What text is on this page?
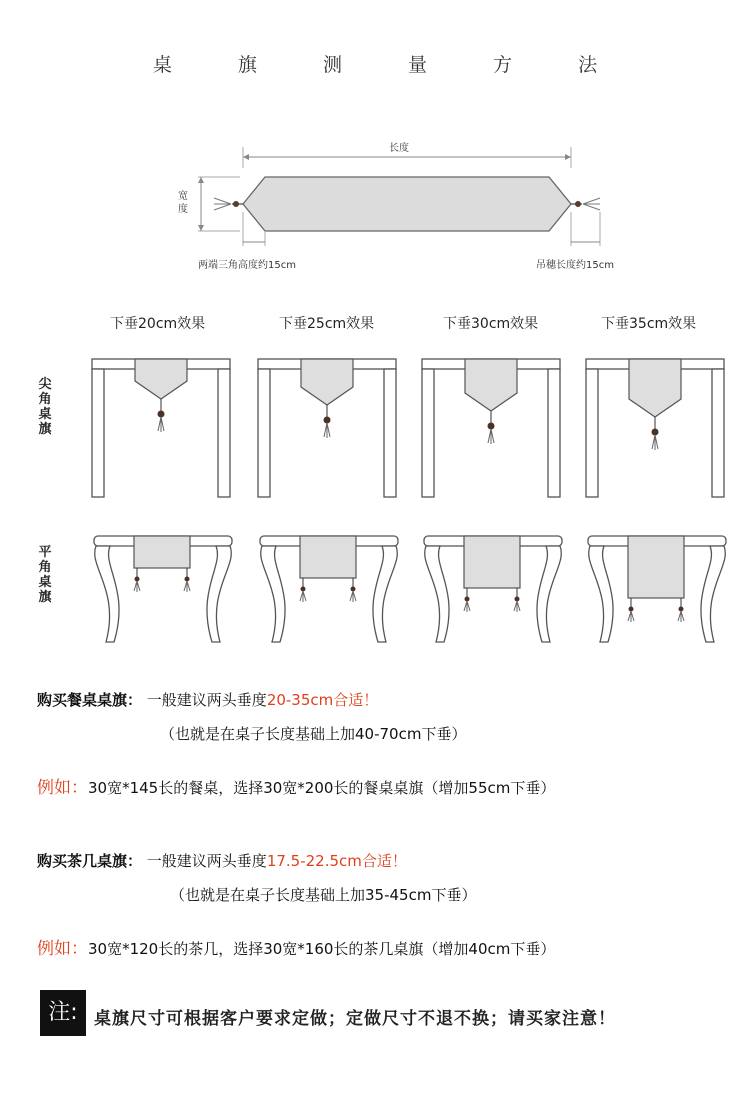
桌 旗 测 量 方 法
长度
宽度
两端三角高度约15cm	吊穗长度约15cm
下垂20cm效果	下垂25cm效果	下垂30cm效果	下垂35cm效果
尖角桌旗
平角桌旗
购买餐桌桌旗： 一般建议两头垂度20-35cm合适！
（也就是在桌子长度基础上加40-70cm下垂）
例如：30宽*145长的餐桌，选择30宽*200长的餐桌桌旗（增加55cm下垂）
购买茶几桌旗： 一般建议两头垂度17.5-22.5cm合适！
（也就是在桌子长度基础上加35-45cm下垂）
例如：30宽*120长的茶几，选择30宽*160长的茶几桌旗（增加40cm下垂）
注: 桌旗尺寸可根据客户要求定做；定做尺寸不退不换；请买家注意！
